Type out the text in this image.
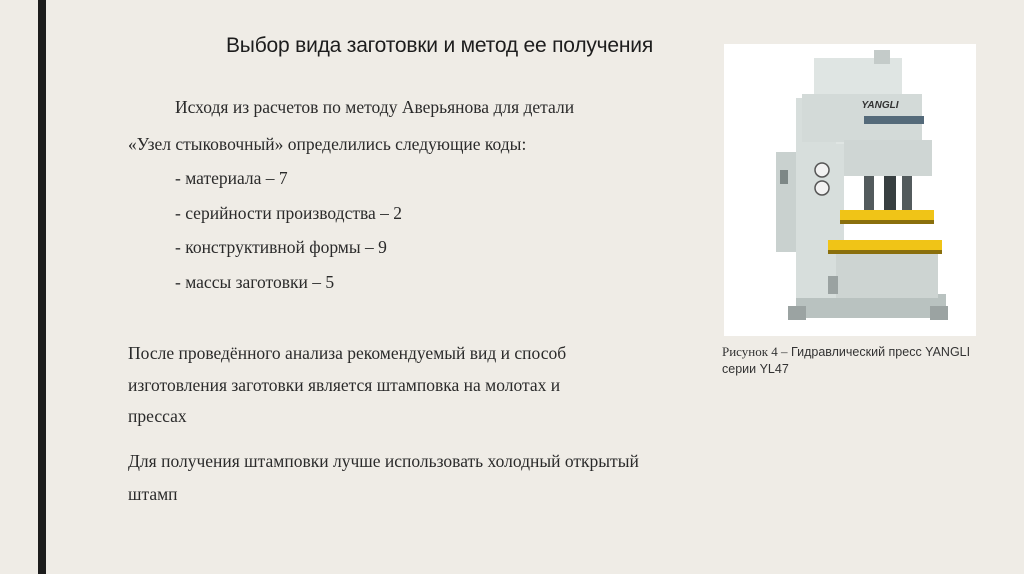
Выбор вида заготовки и метод ее получения
Исходя из расчетов по методу Аверьянова для детали
«Узел стыковочный» определились следующие коды:
- материала – 7
- серийности производства – 2
- конструктивной формы – 9
- массы заготовки – 5
После проведённого анализа рекомендуемый вид и способ
изготовления заготовки является штамповка на молотах и
прессах
Для получения штамповки лучше использовать холодный открытый
штамп
YANGLI
Рисунок 4 – Гидравлический пресс YANGLI
серии YL47
